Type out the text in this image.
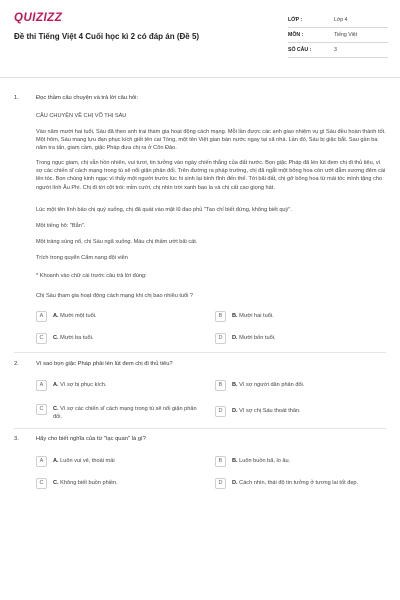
QUIZIZZ
Đề thi Tiếng Việt 4 Cuối học kì 2 có đáp án (Đề 5)
LỚP :	Lớp 4
MÔN :	Tiếng Việt
SỐ CÂU :	3
1.	Đọc thầm câu chuyện và trả lời câu hỏi:
CÂU CHUYỆN VỀ CHỊ VÕ THỊ SÁU
Vào năm mười hai tuổi, Sáu đã theo anh trai tham gia hoạt động cách mạng. Mỗi lần được các anh giao nhiệm vụ gì Sáu đều hoàn thành tốt. Một hôm, Sáu mang lựu đạn phục kích giết tên cai Tòng, một tên Việt gian bán nước ngay tại xã nhà. Lần đó, Sáu bị giặc bắt. Sau gần ba năm tra tấn, giam cầm, giặc Pháp đưa chị ra ở Côn Đảo.
Trong ngục giam, chị vẫn hồn nhiên, vui tươi, tin tưởng vào ngày chiến thắng của đất nước. Bọn giặc Pháp đã lén lút đem chị đi thủ tiêu, vì sợ các chiến sĩ cách mạng trong tù sẽ nổi giận phản đối. Trên đường ra pháp trường, chị đã ngắt một bông hoa còn ướt đẫm sương đêm cài lên tóc. Bọn chúng kinh ngạc vì thấy một người trước lúc hi sinh lại bình tĩnh đến thế. Tới bãi đất, chị gỡ bông hoa từ mái tóc mình tặng cho người lính Âu Phi. Chị đi tới cột trói: mỉm cười, chị nhìn trời xanh bao la và chị cất cao giọng hát.
Lúc một tên lính bảo chị quỳ xuống, chị đã quát vào mặt lũ đao phủ "Tao chỉ biết đứng, không biết quỳ".
Một tiếng hô: "Bắn".
Một tràng súng nổ, chị Sáu ngã xuống. Máu chị thấm ướt bãi cát.
Trích trong quyển Cẩm nang đội viên
* Khoanh vào chữ cái trước câu trả lời đúng:
Chị Sáu tham gia hoạt động cách mạng khi chị bao nhiêu tuổi ?
A	A. Mười một tuổi.	B	B. Mười hai tuổi.
C	C. Mười ba tuổi.	D	D. Mười bốn tuổi.
2.	Vì sao bọn giặc Pháp phải lén lút đem chị đi thủ tiêu?
A	A. Vì sợ bị phục kích.	B	B. Vì sợ người dân phản đối.
C	C. Vì sợ các chiến sĩ cách mạng trong tù sẽ nổi giận phản đối.
D	D. Vì sợ chị Sáu thoát thân.
3.	Hãy cho biết nghĩa của từ "lạc quan" là gì?
A	A. Luôn vui vẻ, thoải mái	B	B. Luôn buồn bã, lo âu.
C	C. Không biết buồn phiền.	D	D. Cách nhìn, thái độ tin tưởng ở tương lai tốt đẹp.
